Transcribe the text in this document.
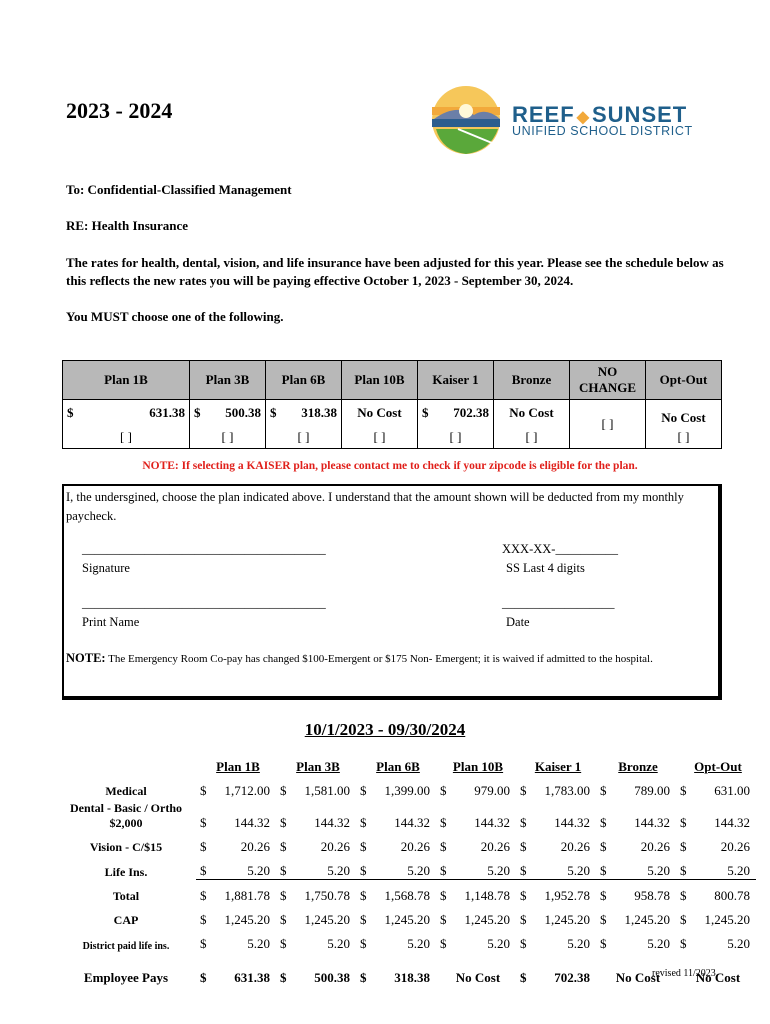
2023 - 2024	REEF ◆SUNSET
UNIFIED SCHOOL DISTRICT
To: Confidential-Classified Management
RE: Health Insurance
The rates for health, dental, vision, and life insurance have been adjusted for this year. Please see the schedule below as this reflects the new rates you will be paying effective October 1, 2023 - September 30, 2024.
You MUST choose one of the following.
Plan 1B	Plan 3B	Plan 6B	Plan 10B	Kaiser 1	Bronze	NO CHANGE	Opt-Out

$ 631.38	$ 500.38	$ 318.38	No Cost	$ 702.38	No Cost	[ ]	No Cost
[ ]	[ ]	[ ]	[ ]	[ ]	[ ]		[ ]
NOTE: If selecting a KAISER plan, please contact me to check if your zipcode is eligible for the plan.
I, the undersgined, choose the plan indicated above. I understand that the amount shown will be deducted from my monthly paycheck.
_______________________________________
Signature
XXX-XX-__________
SS Last 4 digits
_______________________________________
Print Name
__________________
Date
NOTE: The Emergency Room Co-pay has changed $100-Emergent or $175 Non- Emergent; it is waived if admitted to the hospital.
10/1/2023 - 09/30/2024
	Plan 1B	Plan 3B	Plan 6B	Plan 10B	Kaiser 1	Bronze	Opt-Out
Medical	$ 1,712.00	$ 1,581.00	$ 1,399.00	$ 979.00	$ 1,783.00	$ 789.00	$ 631.00

Dental - Basic / Ortho $2,000	$ 144.32	$ 144.32	$ 144.32	$ 144.32	$ 144.32	$ 144.32	$ 144.32

Vision - C/$15	$ 20.26	$ 20.26	$ 20.26	$ 20.26	$ 20.26	$ 20.26	$ 20.26

Life Ins.	$ 5.20	$ 5.20	$ 5.20	$ 5.20	$ 5.20	$ 5.20	$ 5.20

Total	$ 1,881.78	$ 1,750.78	$ 1,568.78	$ 1,148.78	$ 1,952.78	$ 958.78	$ 800.78

CAP	$ 1,245.20	$ 1,245.20	$ 1,245.20	$ 1,245.20	$ 1,245.20	$ 1,245.20	$ 1,245.20

District paid life ins.	$ 5.20	$ 5.20	$ 5.20	$ 5.20	$ 5.20	$ 5.20	$ 5.20

Employee Pays	$ 631.38	$ 500.38	$ 318.38	No Cost	$ 702.38	No Cost	No Cost
revised 11/2023
